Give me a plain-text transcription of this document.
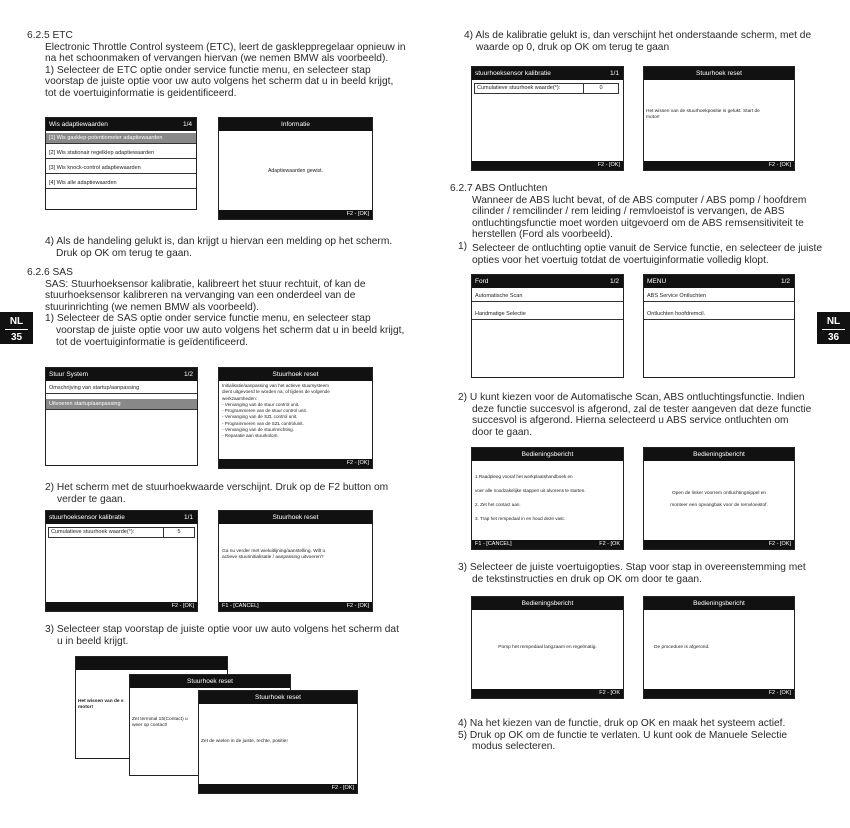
NL
35

6.2.5 ETC

Electronic Throttle Control systeem (ETC), leert de gaskleppregelaar opnieuw in

na het schoonmaken of vervangen hiervan (we nemen BMW als voorbeeld).

1) Selecteer de ETC optie onder service functie menu, en selecteer stap

voorstap de juiste optie voor uw auto volgens het scherm dat u in beeld krijgt,

tot de voertuiginformatie is geidentificeerd.

Wis adaptiewaarden	1/4
[1] Wis gasklep-potentiometer adaptiewaarden
[2] Wis stationair regelklep adaptiewaarden
[3] Wis knock-control adaptiewaarden
[4] Wis alle adaptiewaarden
Informatie
Adaptiewaarden gewist.
F2 - [OK]

4) Als de handeling gelukt is, dan krijgt u hiervan een melding op het scherm.

Druk op OK om terug te gaan.

6.2.6 SAS

SAS: Stuurhoeksensor kalibratie, kalibreert het stuur rechtuit, of kan de

stuurhoeksensor kalibreren na vervanging van een onderdeel van de

stuurinrichting (we nemen BMW als voorbeeld).

1) Selecteer de SAS optie onder service functie menu, en selecteer stap

voorstap de juiste optie voor uw auto volgens het scherm dat u in beeld krijgt,

tot de voertuiginformatie is geïdentificeerd.

Stuur System	1/2
Omschrijving van startup/aanpassing
Uitvoeren startup/aanpassing
Stuurhoek reset
Initialisatie/aanpassing van het actieve stuursysteem
dient uitgevoerd te worden na, of tijdens de volgende
werkzaamheden:
- Vervanging van de stuur control unit.
- Programmeren van de stuur control unit.
- Vervanging van de SZL control unit.
- Programmeren van de SZL controlunit.
- Vervanging van de stuurinrichting.
- Reparatie aan stuurkolom.
F2 - [OK]

2) Het scherm met de stuurhoekwaarde verschijnt. Druk op de F2 button om

verder te gaan.

stuurhoeksensor kalibratie	1/1
Cumulatieve stuurhoek waarde(°):	5
F2 - [OK]
Stuurhoek reset
Ga nu verder met wieluitlijning/aanstelling. Wilt u
actieve stuurinitialisatie / aanpassing uitvoeren?
F1 - [CANCEL]	F2 - [OK]

3) Selecteer stap voorstap de juiste optie voor uw auto volgens het scherm dat

u in beeld krijgt.

Het wissen van de s
motor!
Stuurhoek reset
Zet terminal 15(Contact) u
weer op contact!
Stuurhoek reset
Zet de wielen in de juiste, rechte, positie!
F2 - [OK]
NL
36

4) Als de kalibratie gelukt is, dan verschijnt het onderstaande scherm, met de

waarde op 0, druk op OK om terug te gaan

stuurhoeksensor kalibratie	1/1
Cumulatieve stuurhoek waarde(°):	0
F2 - [OK]
Stuurhoek reset
Het wissen van de stuurhoekpositie is gelukt. Start de
motor!
F2 - [OK]

6.2.7 ABS Ontluchten

Wanneer de ABS lucht bevat, of de ABS computer / ABS pomp / hoofdrem

cilinder / remcilinder / rem leiding / remvloeistof is vervangen, de ABS

ontluchtingsfunctie moet worden uitgevoerd om de ABS remsensitiviteit te

herstellen (Ford als voorbeeld).

1) Selecteer de ontluchting optie vanuit de Service functie, en selecteer de juiste

opties voor het voertuig totdat de voertuiginformatie volledig klopt.

Ford	1/2
Automatische Scan
Handmatige Selectie
MENU	1/2
ABS Service Ontluchten
Ontluchten hoofdremcil.

2) U kunt kiezen voor de Automatische Scan, ABS ontluchtingsfunctie. Indien

deze functie succesvol is afgerond, zal de tester aangeven dat deze functie

succesvol is afgerond. Hierna selecteerd u ABS service ontluchten om

door te gaan.

Bedieningsbericht
1.Raadpleeg vooraf het werkplaatshandboek en
voer alle noodzakelijke stappen uit alvorens te starten.
2. Zet het contact aan.
3. Trap het rempedaal in en houd deze vast.
F1 - [CANCEL]	F2 - [OK
Bedieningsbericht
Open de linker voorrem ontluchtingnippel en
monteer een opvangbak voor de remvloeistof.
F2 - [OK]

3) Selecteer de juiste voertuigopties. Stap voor stap in overeenstemming met

de tekstinstructies en druk op OK om door te gaan.

Bedieningsbericht
Pomp het rempedaal langzaam en regelmatig.
F2 - [OK
Bedieningsbericht
De procedure is afgerond.
F2 - [OK]

4) Na het kiezen van de functie, druk op OK en maak het systeem actief.

5) Druk op OK om de functie te verlaten. U kunt ook de Manuele Selectie

modus selecteren.
